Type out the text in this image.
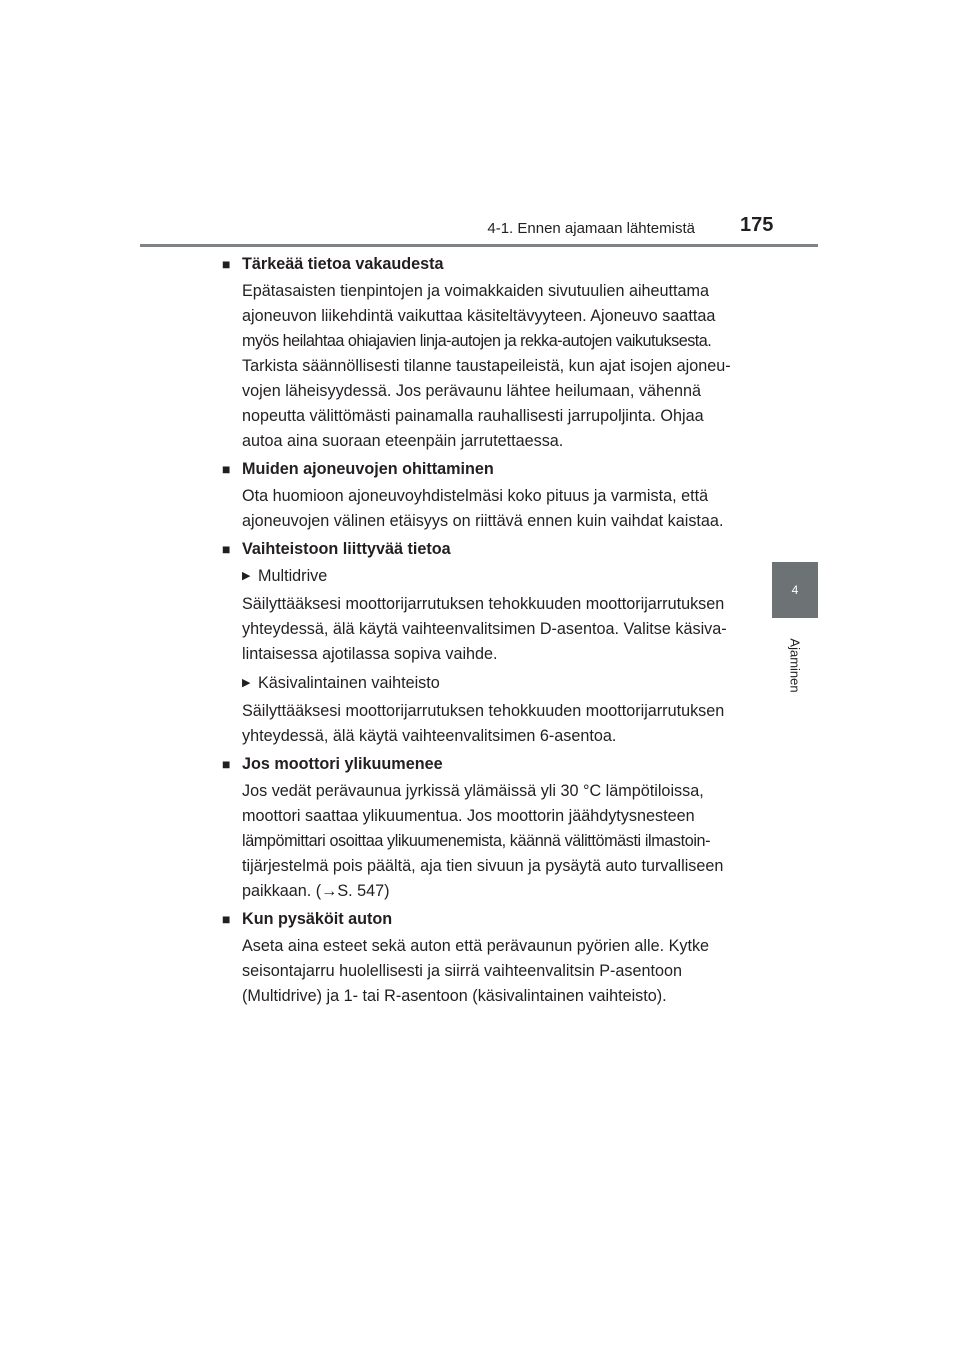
4-1. Ennen ajamaan lähtemistä 175
4
Ajaminen
■ Tärkeää tietoa vakaudesta
Epätasaisten tienpintojen ja voimakkaiden sivutuulien aiheuttama
ajoneuvon liikehdintä vaikuttaa käsiteltävyyteen. Ajoneuvo saattaa
myös heilahtaa ohiajavien linja-autojen ja rekka-autojen vaikutuksesta.
Tarkista säännöllisesti tilanne taustapeileistä, kun ajat isojen ajoneu-
vojen läheisyydessä. Jos perävaunu lähtee heilumaan, vähennä
nopeutta välittömästi painamalla rauhallisesti jarrupoljinta. Ohjaa
autoa aina suoraan eteenpäin jarrutettaessa.
■ Muiden ajoneuvojen ohittaminen
Ota huomioon ajoneuvoyhdistelmäsi koko pituus ja varmista, että
ajoneuvojen välinen etäisyys on riittävä ennen kuin vaihdat kaistaa.
■ Vaihteistoon liittyvää tietoa
▶ Multidrive
Säilyttääksesi moottorijarrutuksen tehokkuuden moottorijarrutuksen
yhteydessä, älä käytä vaihteenvalitsimen D-asentoa. Valitse käsiva-
lintaisessa ajotilassa sopiva vaihde.
▶ Käsivalintainen vaihteisto
Säilyttääksesi moottorijarrutuksen tehokkuuden moottorijarrutuksen
yhteydessä, älä käytä vaihteenvalitsimen 6-asentoa.
■ Jos moottori ylikuumenee
Jos vedät perävaunua jyrkissä ylämäissä yli 30 °C lämpötiloissa,
moottori saattaa ylikuumentua. Jos moottorin jäähdytysnesteen
lämpömittari osoittaa ylikuumenemista, käännä välittömästi ilmastoin-
tijärjestelmä pois päältä, aja tien sivuun ja pysäytä auto turvalliseen
paikkaan. (→S. 547)
■ Kun pysäköit auton
Aseta aina esteet sekä auton että perävaunun pyörien alle. Kytke
seisontajarru huolellisesti ja siirrä vaihteenvalitsin P-asentoon
(Multidrive) ja 1- tai R-asentoon (käsivalintainen vaihteisto).
